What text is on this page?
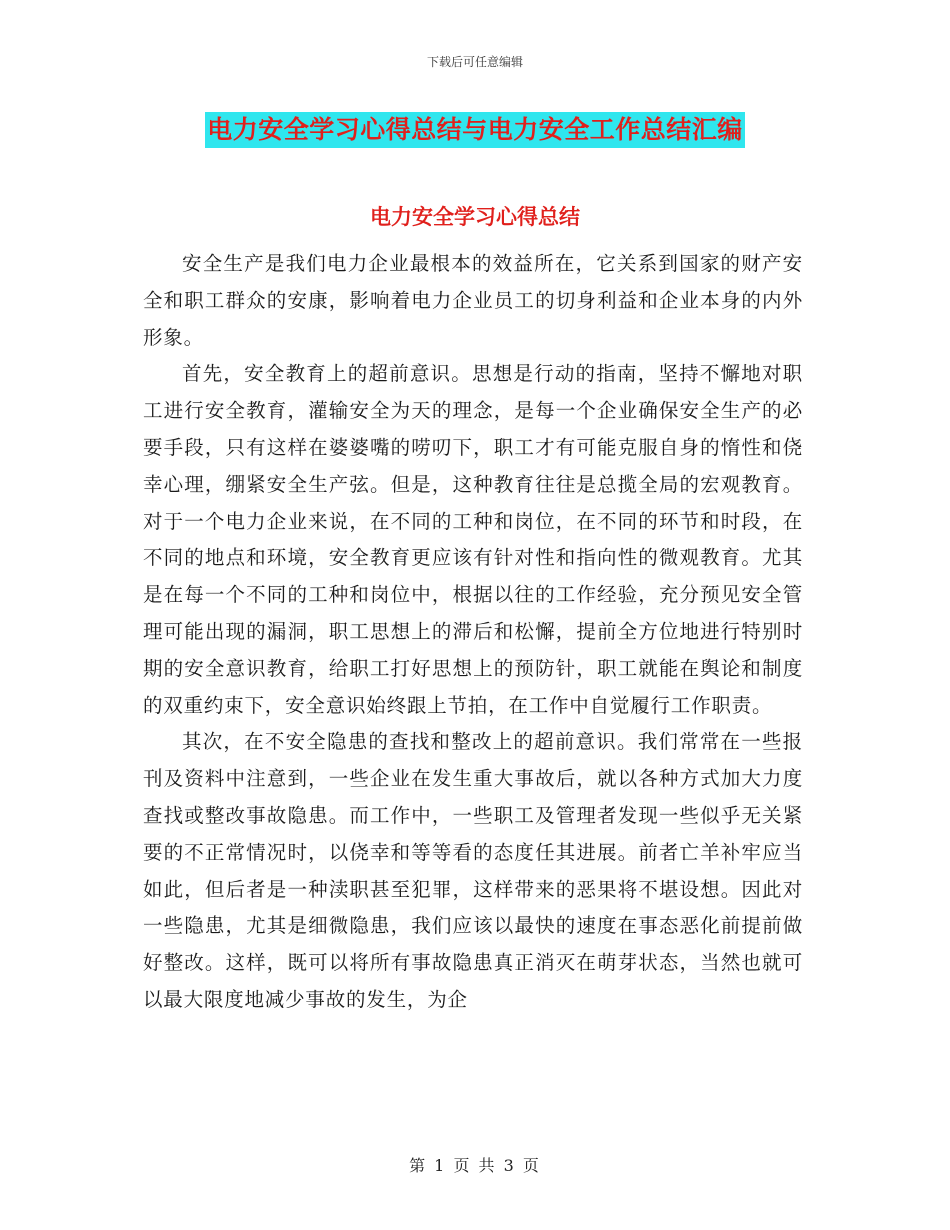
下载后可任意编辑
电力安全学习心得总结与电力安全工作总结汇编
电力安全学习心得总结

安全生产是我们电力企业最根本的效益所在，它关系到国家的财产安全和职工群众的安康，影响着电力企业员工的切身利益和企业本身的内外形象。

首先，安全教育上的超前意识。思想是行动的指南，坚持不懈地对职工进行安全教育，灌输安全为天的理念，是每一个企业确保安全生产的必要手段，只有这样在婆婆嘴的唠叨下，职工才有可能克服自身的惰性和侥幸心理，绷紧安全生产弦。但是，这种教育往往是总揽全局的宏观教育。对于一个电力企业来说，在不同的工种和岗位，在不同的环节和时段，在不同的地点和环境，安全教育更应该有针对性和指向性的微观教育。尤其是在每一个不同的工种和岗位中，根据以往的工作经验，充分预见安全管理可能出现的漏洞，职工思想上的滞后和松懈，提前全方位地进行特别时期的安全意识教育，给职工打好思想上的预防针，职工就能在舆论和制度的双重约束下，安全意识始终跟上节拍，在工作中自觉履行工作职责。

其次，在不安全隐患的查找和整改上的超前意识。我们常常在一些报刊及资料中注意到，一些企业在发生重大事故后，就以各种方式加大力度查找或整改事故隐患。而工作中，一些职工及管理者发现一些似乎无关紧要的不正常情况时，以侥幸和等等看的态度任其进展。前者亡羊补牢应当如此，但后者是一种渎职甚至犯罪，这样带来的恶果将不堪设想。因此对一些隐患，尤其是细微隐患，我们应该以最快的速度在事态恶化前提前做好整改。这样，既可以将所有事故隐患真正消灭在萌芽状态，当然也就可以最大限度地减少事故的发生，为企

第 1 页 共 3 页
